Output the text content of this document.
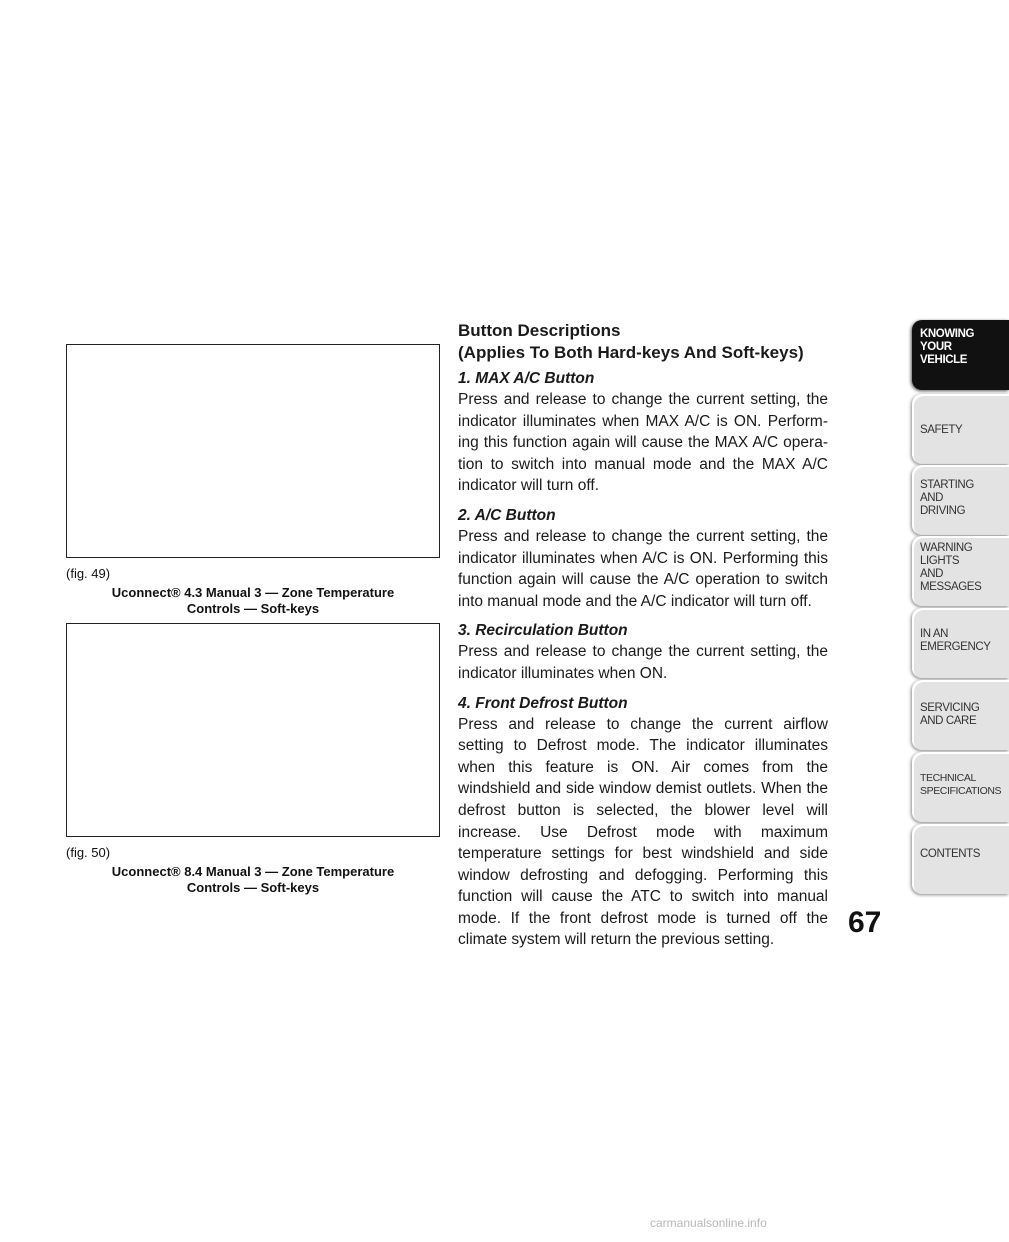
(fig. 49)
Uconnect® 4.3 Manual 3 — Zone Temperature
Controls — Soft-keys
(fig. 50)
Uconnect® 8.4 Manual 3 — Zone Temperature
Controls — Soft-keys

Button Descriptions

(Applies To Both Hard-keys And Soft-keys)

1. MAX A/C Button

Press and release to change the current setting, the indicator illuminates when MAX A/C is ON. Perform- ing this function again will cause the MAX A/C opera- tion to switch into manual mode and the MAX A/C indicator will turn off.

2. A/C Button

Press and release to change the current setting, the indicator illuminates when A/C is ON. Performing this function again will cause the A/C operation to switch into manual mode and the A/C indicator will turn off.

3. Recirculation Button

Press and release to change the current setting, the indicator illuminates when ON.

4. Front Defrost Button

Press and release to change the current airflow setting to Defrost mode. The indicator illuminates when this feature is ON. Air comes from the windshield and side window demist outlets. When the defrost button is selected, the blower level will increase. Use Defrost mode with maximum temperature settings for best windshield and side window defrosting and defogging. Performing this function will cause the ATC to switch into manual mode. If the front defrost mode is turned off the climate system will return the previous setting.

KNOWING
YOUR
VEHICLE
SAFETY
STARTING
AND
DRIVING
WARNING
LIGHTS
AND
MESSAGES
IN AN
EMERGENCY
SERVICING
AND CARE
TECHNICAL
SPECIFICATIONS
CONTENTS
67
carmanualsonline.info
